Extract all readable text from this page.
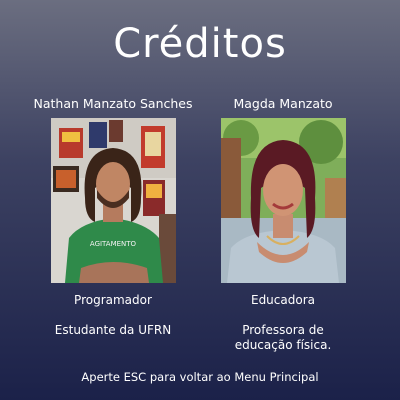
Créditos
Nathan Manzato Sanches
AGITAMENTO
Programador
Estudante da UFRN
Magda Manzato
Educadora
Professora de
educação física.
Aperte ESC para voltar ao Menu Principal
